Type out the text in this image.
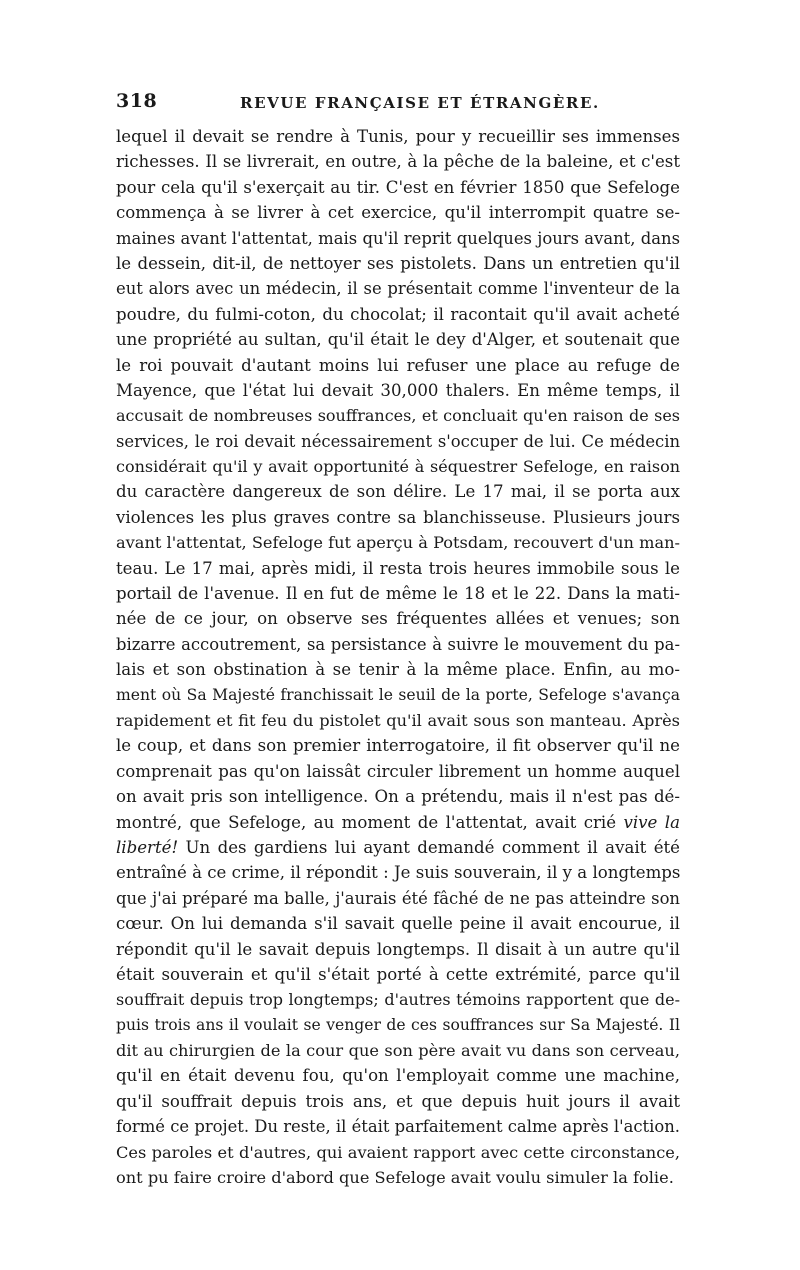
318	REVUE FRANÇAISE ET ÉTRANGÈRE.
lequel il devait se rendre à Tunis, pour y recueillir ses immenses
richesses. Il se livrerait, en outre, à la pêche de la baleine, et c'est
pour cela qu'il s'exerçait au tir. C'est en février 1850 que Sefeloge
commença à se livrer à cet exercice, qu'il interrompit quatre se-
maines avant l'attentat, mais qu'il reprit quelques jours avant, dans
le dessein, dit-il, de nettoyer ses pistolets. Dans un entretien qu'il
eut alors avec un médecin, il se présentait comme l'inventeur de la
poudre, du fulmi-coton, du chocolat; il racontait qu'il avait acheté
une propriété au sultan, qu'il était le dey d'Alger, et soutenait que
le roi pouvait d'autant moins lui refuser une place au refuge de
Mayence, que l'état lui devait 30,000 thalers. En même temps, il
accusait de nombreuses souffrances, et concluait qu'en raison de ses
services, le roi devait nécessairement s'occuper de lui. Ce médecin
considérait qu'il y avait opportunité à séquestrer Sefeloge, en raison
du caractère dangereux de son délire. Le 17 mai, il se porta aux
violences les plus graves contre sa blanchisseuse. Plusieurs jours
avant l'attentat, Sefeloge fut aperçu à Potsdam, recouvert d'un man-
teau. Le 17 mai, après midi, il resta trois heures immobile sous le
portail de l'avenue. Il en fut de même le 18 et le 22. Dans la mati-
née de ce jour, on observe ses fréquentes allées et venues; son
bizarre accoutrement, sa persistance à suivre le mouvement du pa-
lais et son obstination à se tenir à la même place. Enfin, au mo-
ment où Sa Majesté franchissait le seuil de la porte, Sefeloge s'avança
rapidement et fit feu du pistolet qu'il avait sous son manteau. Après
le coup, et dans son premier interrogatoire, il fit observer qu'il ne
comprenait pas qu'on laissât circuler librement un homme auquel
on avait pris son intelligence. On a prétendu, mais il n'est pas dé-
montré, que Sefeloge, au moment de l'attentat, avait crié vive la
liberté! Un des gardiens lui ayant demandé comment il avait été
entraîné à ce crime, il répondit : Je suis souverain, il y a longtemps
que j'ai préparé ma balle, j'aurais été fâché de ne pas atteindre son
cœur. On lui demanda s'il savait quelle peine il avait encourue, il
répondit qu'il le savait depuis longtemps. Il disait à un autre qu'il
était souverain et qu'il s'était porté à cette extrémité, parce qu'il
souffrait depuis trop longtemps; d'autres témoins rapportent que de-
puis trois ans il voulait se venger de ces souffrances sur Sa Majesté. Il
dit au chirurgien de la cour que son père avait vu dans son cerveau,
qu'il en était devenu fou, qu'on l'employait comme une machine,
qu'il souffrait depuis trois ans, et que depuis huit jours il avait
formé ce projet. Du reste, il était parfaitement calme après l'action.
Ces paroles et d'autres, qui avaient rapport avec cette circonstance,
ont pu faire croire d'abord que Sefeloge avait voulu simuler la folie.
